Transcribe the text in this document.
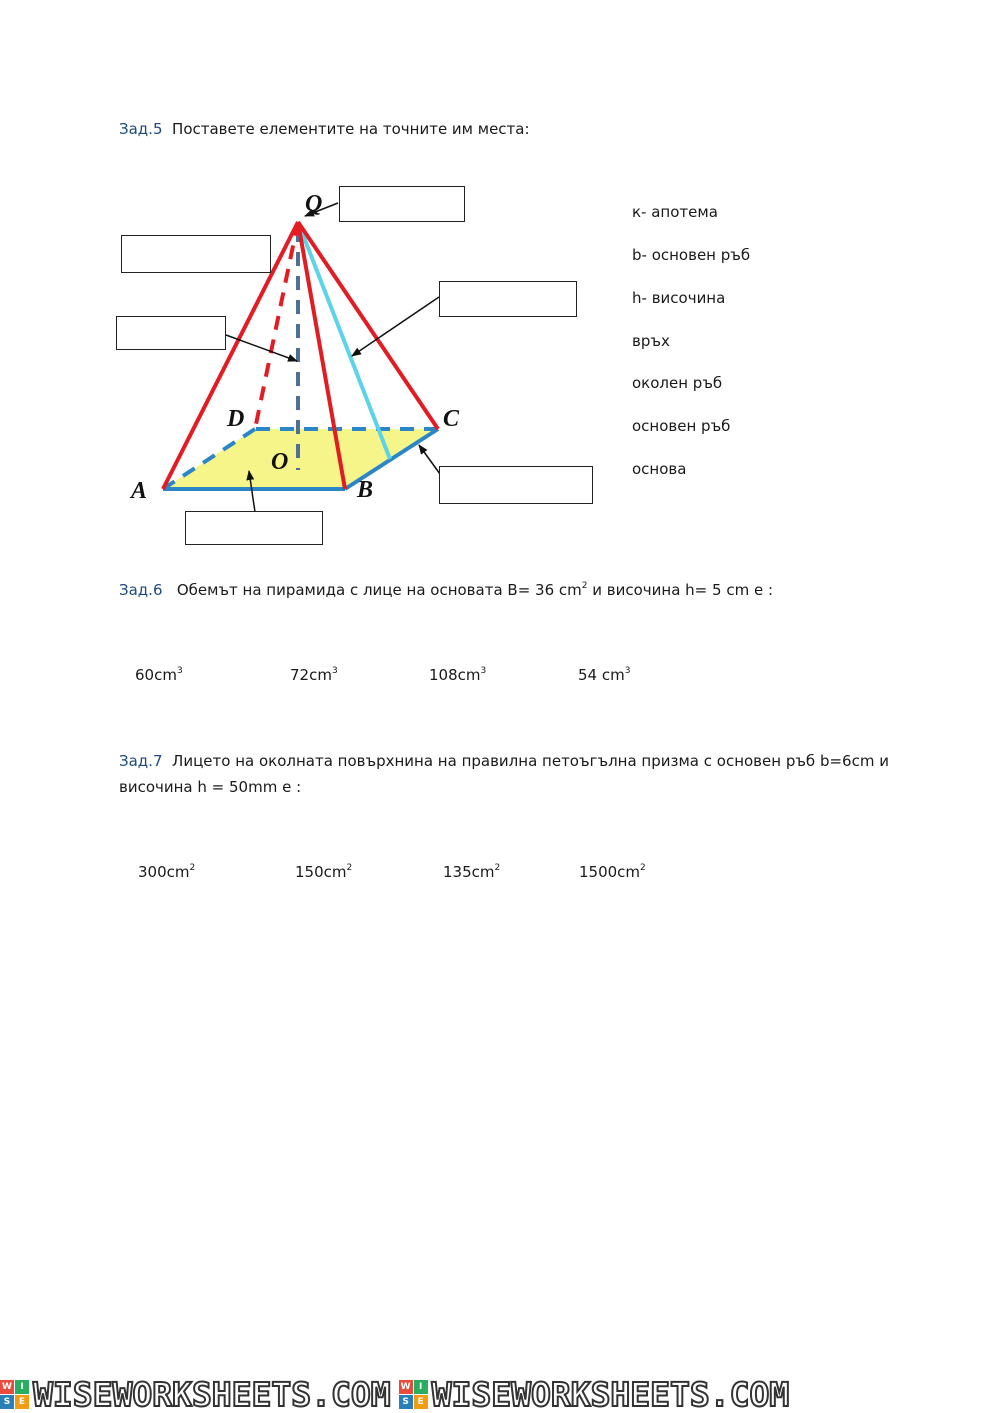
Зад.5 Поставете елементите на точните им места:
Q
A	B
C
D
O
к- апотема
b- основен ръб
h- височина
връх
околен ръб
основен ръб
основа
Зад.6 Обемът на пирамида с лице на основата B= 36 $cm^2$ и височина h= 5 cm е :
$60cm^3$	$72cm^3$	$108cm^3$	54 $cm^3$
Зад.7 Лицето на околната повърхнина на правилна петоъгълна призма с основен ръб b=6cm и
височина h = 50mm е :
$300cm^2$	$150cm^2$	$135cm^2$	$1500cm^2$
W I
S E WISEWORKSHEETS.COM W I
S E WISEWORKSHEETS.COM
